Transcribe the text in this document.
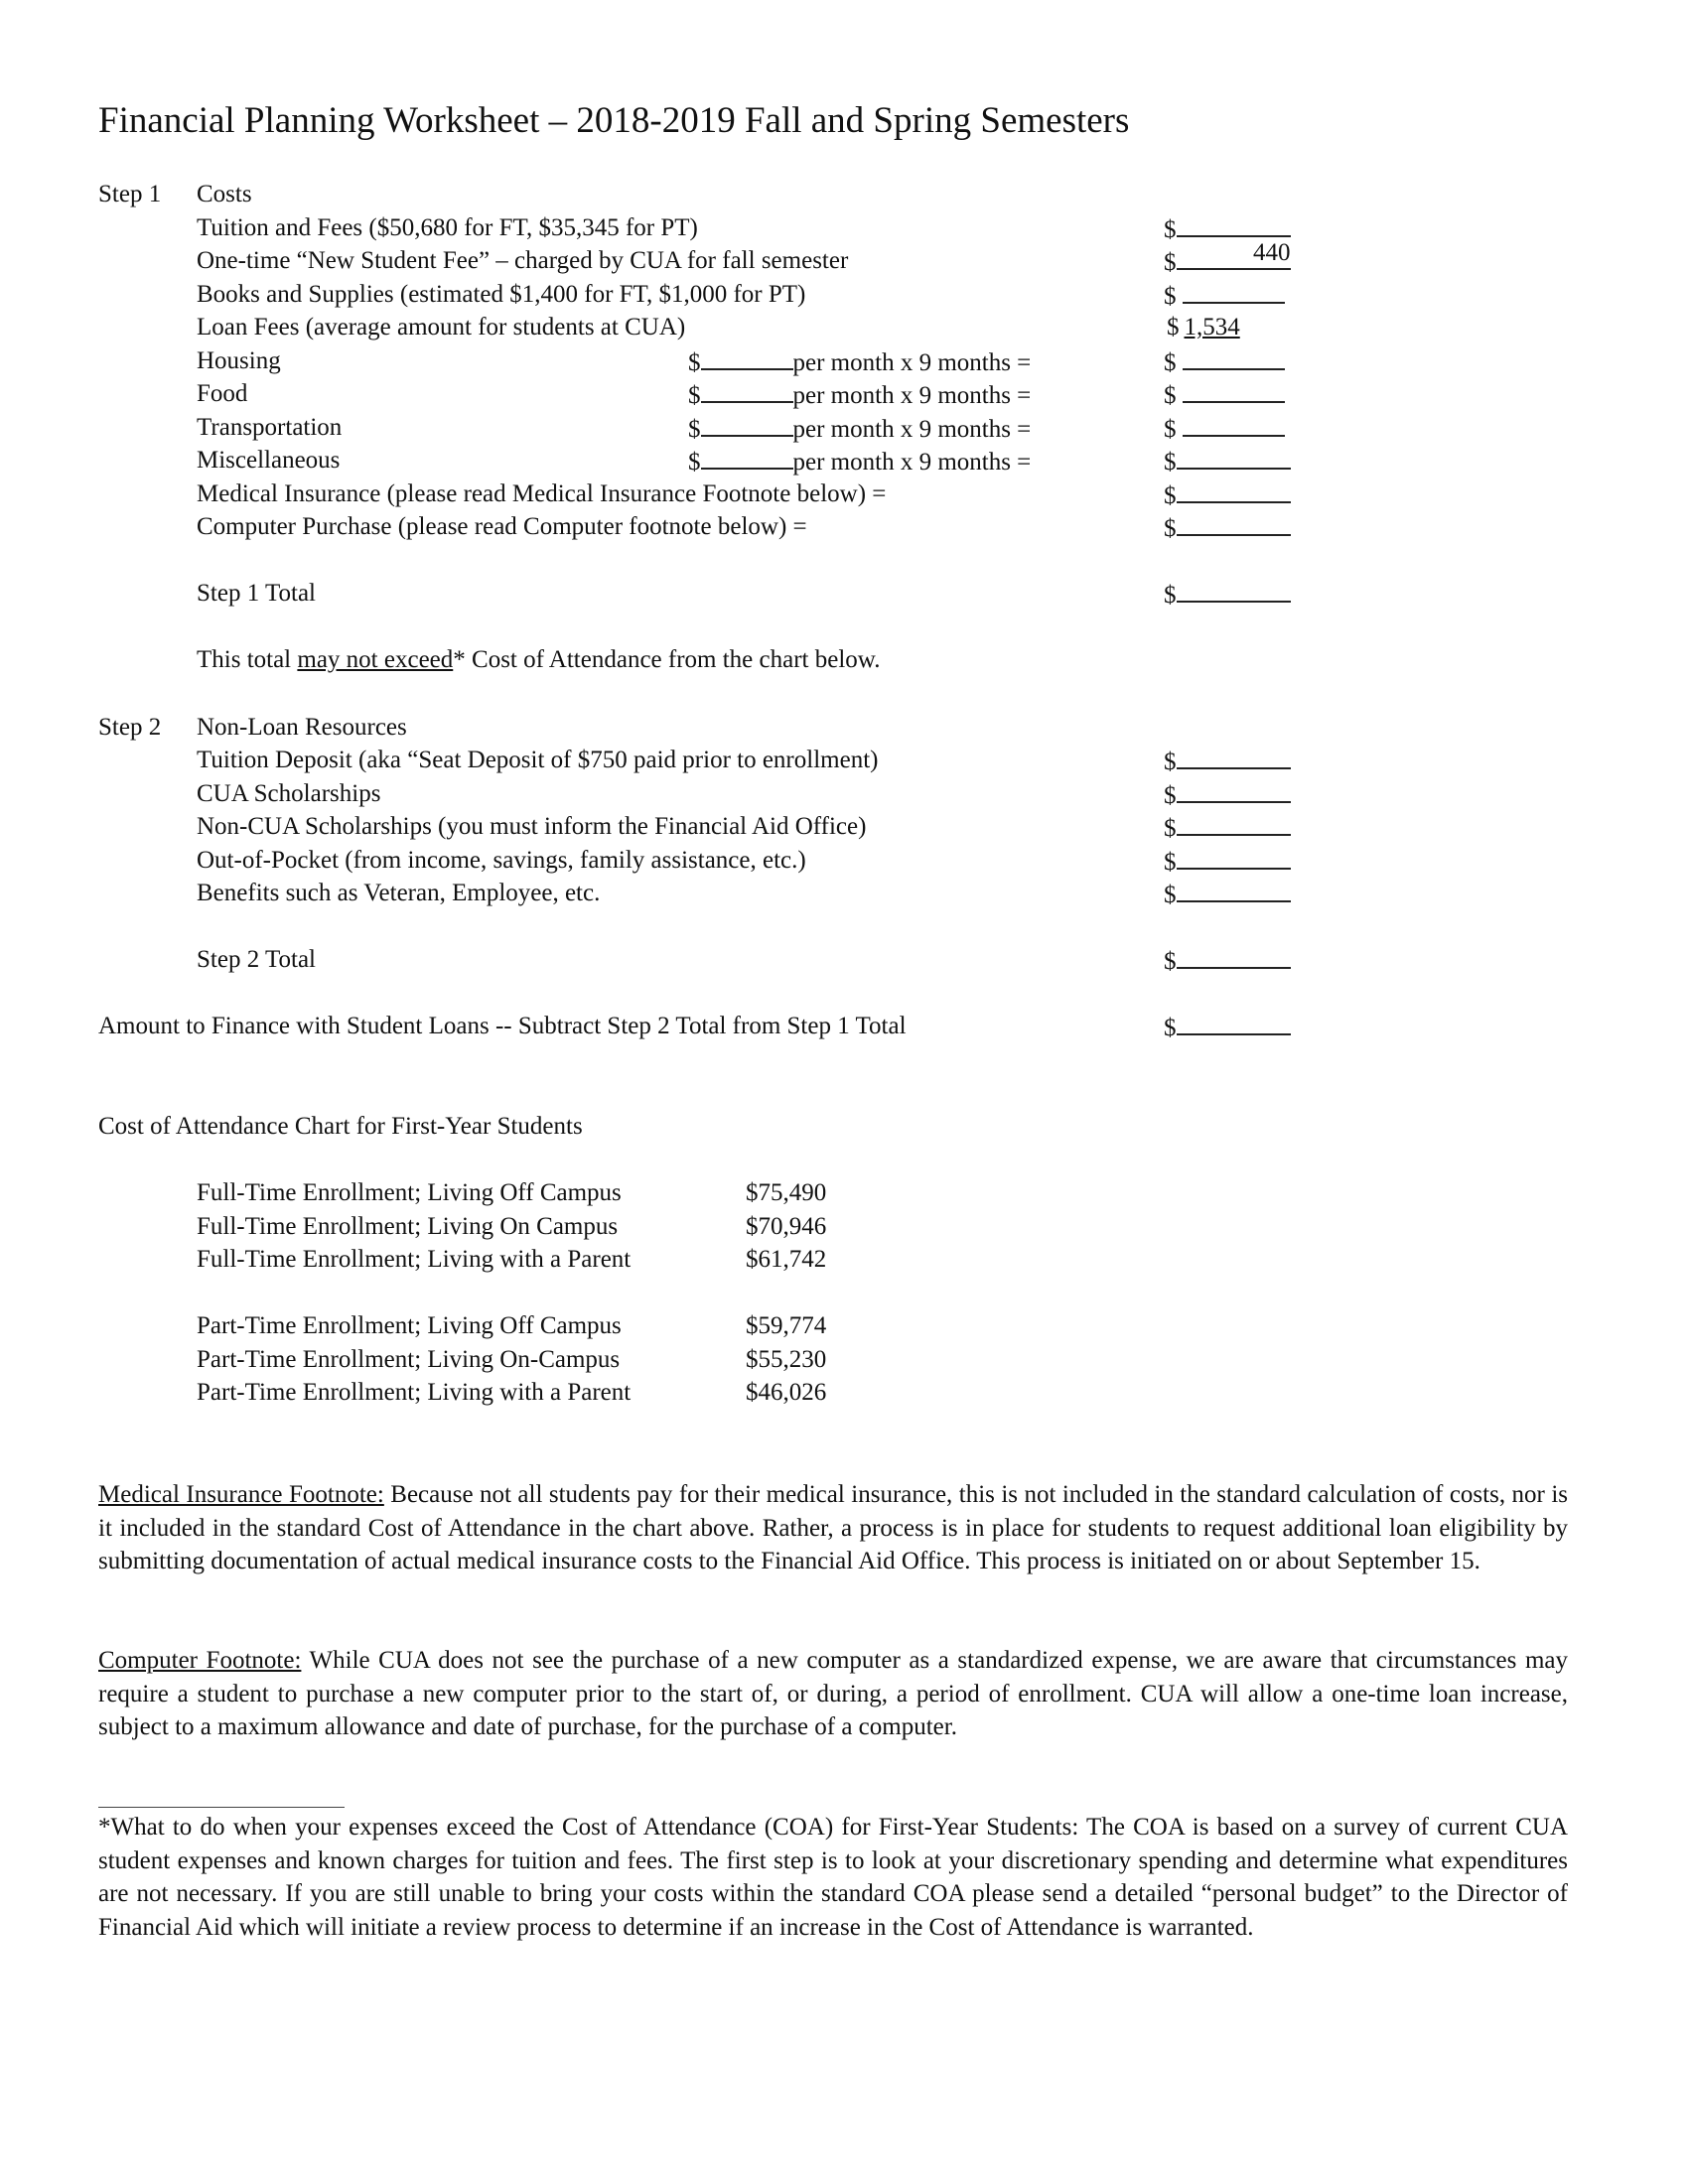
Financial Planning Worksheet – 2018-2019 Fall and Spring Semesters
Step 1 Costs
Tuition and Fees ($50,680 for FT, $35,345 for PT)	$
One-time “New Student Fee” – charged by CUA for fall semester	$	440
Books and Supplies (estimated $1,400 for FT, $1,000 for PT)	$
Loan Fees (average amount for students at CUA)	$ 1,534
Housing	$	per month x 9 months =	$
Food	$	per month x 9 months =	$
Transportation	$	per month x 9 months =	$
Miscellaneous	$	per month x 9 months =	$
Medical Insurance (please read Medical Insurance Footnote below) =	$
Computer Purchase (please read Computer footnote below) =	$
Step 1 Total	$
This total may not exceed* Cost of Attendance from the chart below.
Step 2 Non-Loan Resources
Tuition Deposit (aka “Seat Deposit of $750 paid prior to enrollment)	$
CUA Scholarships	$
Non-CUA Scholarships (you must inform the Financial Aid Office)	$
Out-of-Pocket (from income, savings, family assistance, etc.)	$
Benefits such as Veteran, Employee, etc.	$
Step 2 Total	$
Amount to Finance with Student Loans -- Subtract Step 2 Total from Step 1 Total	$
Cost of Attendance Chart for First-Year Students
Full-Time Enrollment; Living Off Campus	$75,490
Full-Time Enrollment; Living On Campus	$70,946
Full-Time Enrollment; Living with a Parent	$61,742
Part-Time Enrollment; Living Off Campus	$59,774
Part-Time Enrollment; Living On-Campus	$55,230
Part-Time Enrollment; Living with a Parent	$46,026
Medical Insurance Footnote: Because not all students pay for their medical insurance, this is not included in the standard calculation of costs, nor is it included in the standard Cost of Attendance in the chart above. Rather, a process is in place for students to request additional loan eligibility by submitting documentation of actual medical insurance costs to the Financial Aid Office. This process is initiated on or about September 15.
Computer Footnote: While CUA does not see the purchase of a new computer as a standardized expense, we are aware that circumstances may require a student to purchase a new computer prior to the start of, or during, a period of enrollment. CUA will allow a one-time loan increase, subject to a maximum allowance and date of purchase, for the purchase of a computer.
*What to do when your expenses exceed the Cost of Attendance (COA) for First-Year Students: The COA is based on a survey of current CUA student expenses and known charges for tuition and fees. The first step is to look at your discretionary spending and determine what expenditures are not necessary. If you are still unable to bring your costs within the standard COA please send a detailed “personal budget” to the Director of Financial Aid which will initiate a review process to determine if an increase in the Cost of Attendance is warranted.
